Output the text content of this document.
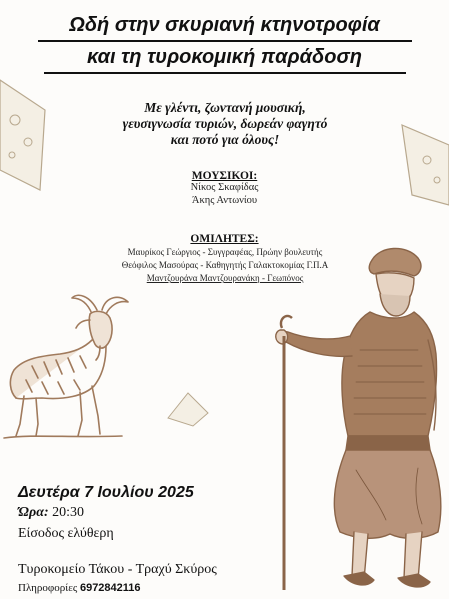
Ωδή στην σκυριανή κτηνοτροφία
και τη τυροκομική παράδοση
Με γλέντι, ζωντανή μουσική,
γευσιγνωσία τυριών, δωρεάν φαγητό
και ποτό για όλους!
ΜΟΥΣΙΚΟΙ:
Νίκος Σκαφίδας
Άκης Αντωνίου
ΟΜΙΛΗΤΕΣ:
Μαυρίκος Γεώργιος - Συγγραφέας, Πρώην βουλευτής
Θεόφιλος Μασούρας - Καθηγητής Γαλακτοκομίας Γ.Π.Α
Μαντζουράνα Μαντζουρανάκη - Γεωπόνος
Δευτέρα 7 Ιουλίου 2025
Ώρα: 20:30
Είσοδος ελύθερη
Τυροκομείο Τάκου - Τραχύ Σκύρος
Πληροφορίες 6972842116
